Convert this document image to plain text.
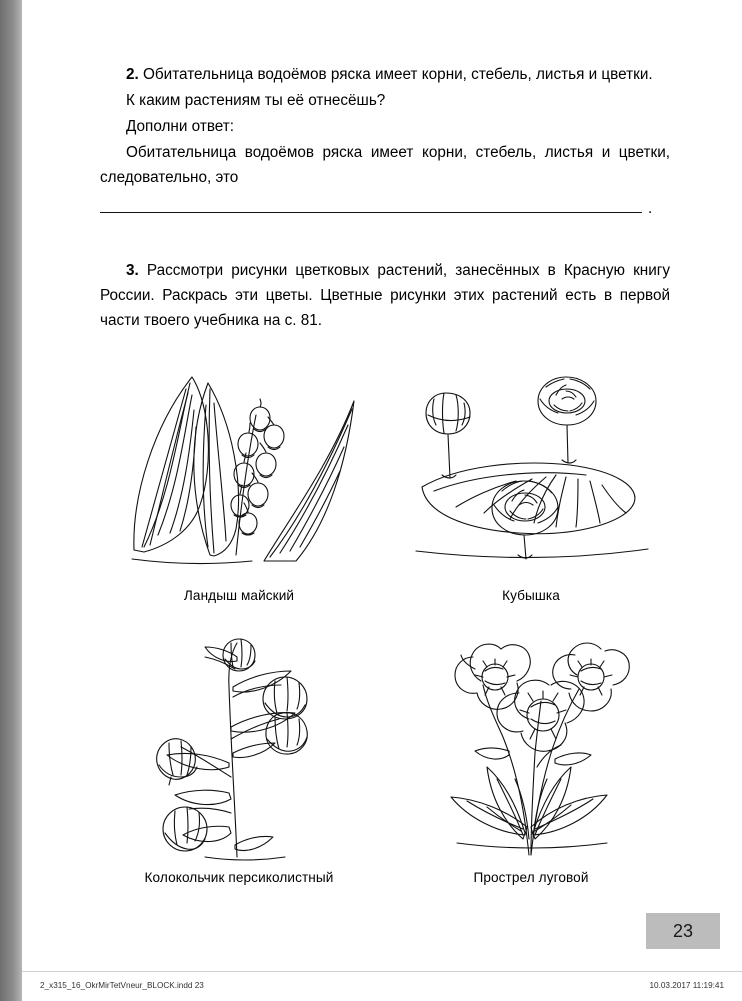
2. Обитательница водоёмов ряска имеет корни, стебель, листья и цветки.

К каким растениям ты её отнесёшь?

Дополни ответ:

Обитательница водоёмов ряска имеет корни, стебель, листья и цветки, следовательно, это

.

3. Рассмотри рисунки цветковых растений, занесённых в Красную книгу России. Раскрась эти цветы. Цветные рисунки этих растений есть в первой части твоего учебника на с. 81.

Ландыш майский	Кубышка
Колокольчик персиколистный	Прострел луговой
23
2_x315_16_OkrMirTetVneur_BLOCK.indd 23	10.03.2017 11:19:41
